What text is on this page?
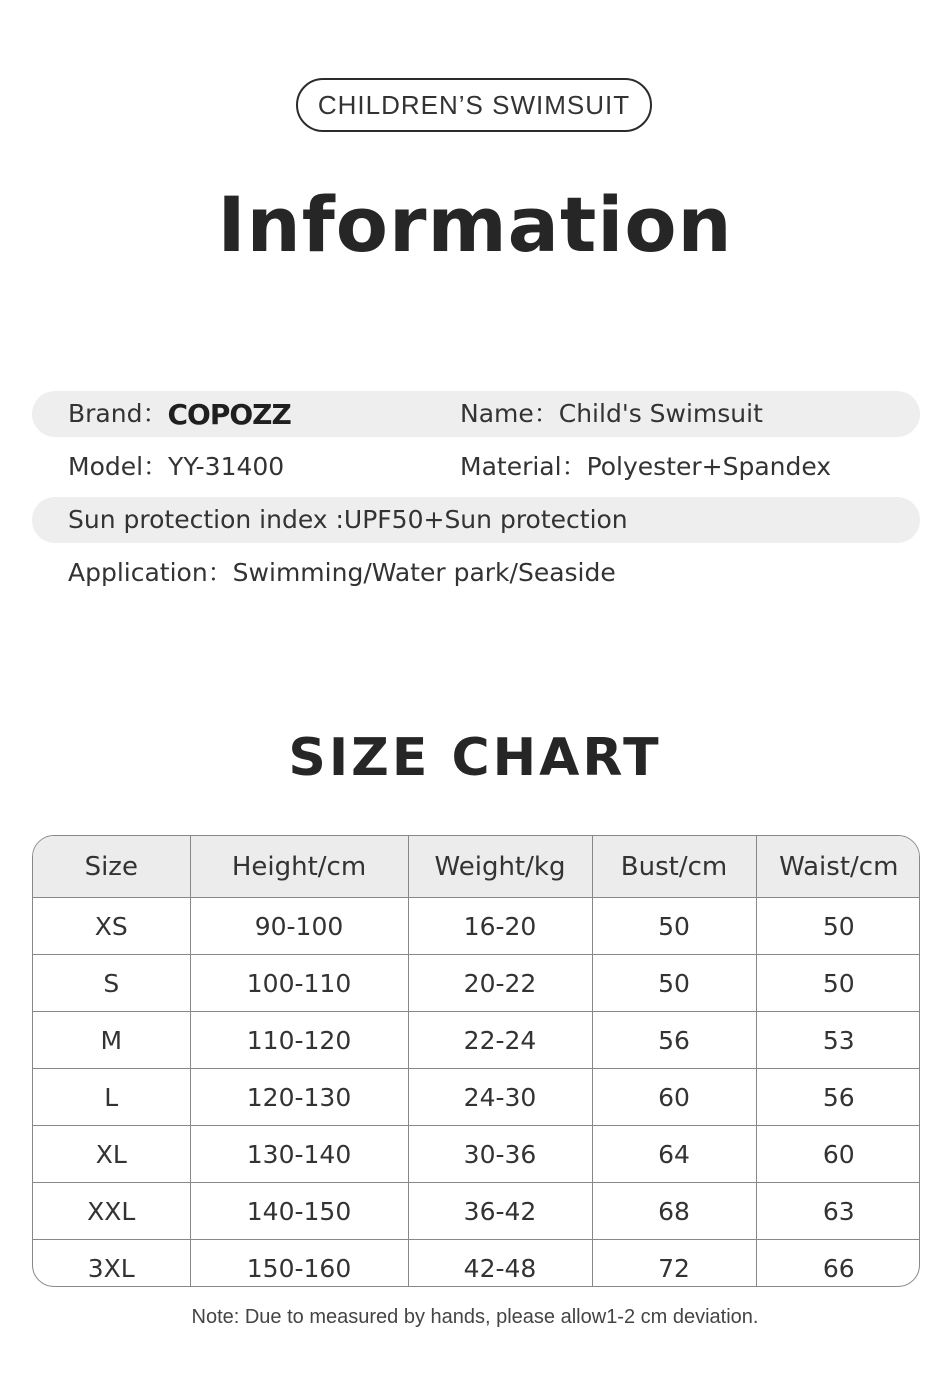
CHILDREN’S SWIMSUIT
Information
Brand：COPOZZ	Name：Child's Swimsuit
Model：YY-31400	Material：Polyester+Spandex
Sun protection index :UPF50+Sun protection
Application：Swimming/Water park/Seaside
SIZE CHART
Size	Height/cm	Weight/kg	Bust/cm	Waist/cm
XS	90-100	16-20	50	50
S	100-110	20-22	50	50
M	110-120	22-24	56	53
L	120-130	24-30	60	56
XL	130-140	30-36	64	60
XXL	140-150	36-42	68	63
3XL	150-160	42-48	72	66
Note: Due to measured by hands, please allow1-2 cm deviation.
